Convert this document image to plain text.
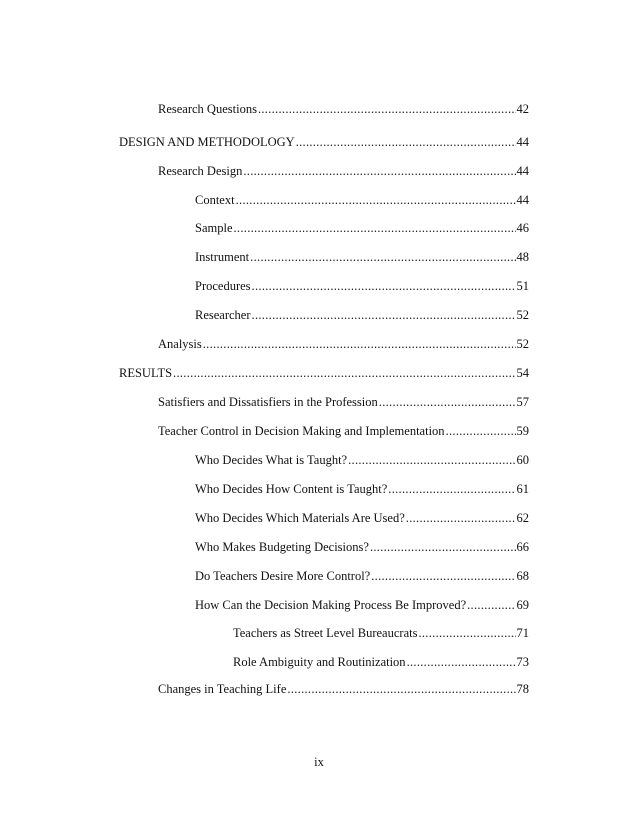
Research Questions .....	42
DESIGN AND METHODOLOGY .....	44
Research Design .....	44
Context .....	44
Sample .....	46
Instrument .....	48
Procedures .....	51
Researcher .....	52
Analysis .....	52
RESULTS .....	54
Satisfiers and Dissatisfiers in the Profession .....	57
Teacher Control in Decision Making and Implementation .....	59
Who Decides What is Taught? .....	60
Who Decides How Content is Taught? .....	61
Who Decides Which Materials Are Used? .....	62
Who Makes Budgeting Decisions? .....	66
Do Teachers Desire More Control? .....	68
How Can the Decision Making Process Be Improved? .....	69
Teachers as Street Level Bureaucrats .....	71
Role Ambiguity and Routinization .....	73
Changes in Teaching Life .....	78
ix
